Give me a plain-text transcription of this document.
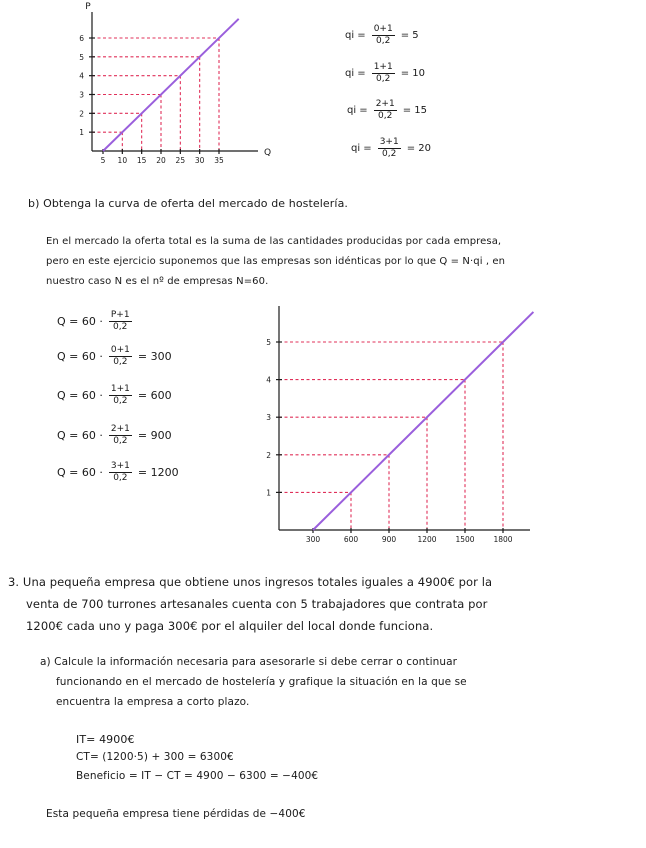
P
Q
5 10 15 20 25 30 35
1
2
3
4
5
6	qi = $\frac{0+1}{0,2} = 5$
qi = $\frac{1+1}{0,2} = 10$
qi = $\frac{2+1}{0,2} = 15$
qi = $\frac{3+1}{0,2} = 20$
b) Obtenga la curva de oferta del mercado de hostelería.
En el mercado la oferta total es la suma de las cantidades producidas por cada empresa,
pero en este ejercicio suponemos que las empresas son idénticas por lo que Q = N·qi , en
nuestro caso N es el nº de empresas N=60.
$Q = 60 \cdot \frac{P+1}{0,2}$
$Q = 60 \cdot \frac{0+1}{0,2} = 300$
$Q = 60 \cdot \frac{1+1}{0,2} = 600$
$Q = 60 \cdot \frac{2+1}{0,2} = 900$
$Q = 60 \cdot \frac{3+1}{0,2} = 1200$
300	600	900	1200	1500	1800
1
2
3
4
5
3. Una pequeña empresa que obtiene unos ingresos totales iguales a 4900€ por la
venta de 700 turrones artesanales cuenta con 5 trabajadores que contrata por
1200€ cada uno y paga 300€ por el alquiler del local donde funciona.
a) Calcule la información necesaria para asesorarle si debe cerrar o continuar
funcionando en el mercado de hostelería y grafique la situación en la que se
encuentra la empresa a corto plazo.
IT= 4900€
CT= (1200·5) + 300 = 6300€
Beneficio = IT − CT = 4900 − 6300 = −400€
Esta pequeña empresa tiene pérdidas de −400€
